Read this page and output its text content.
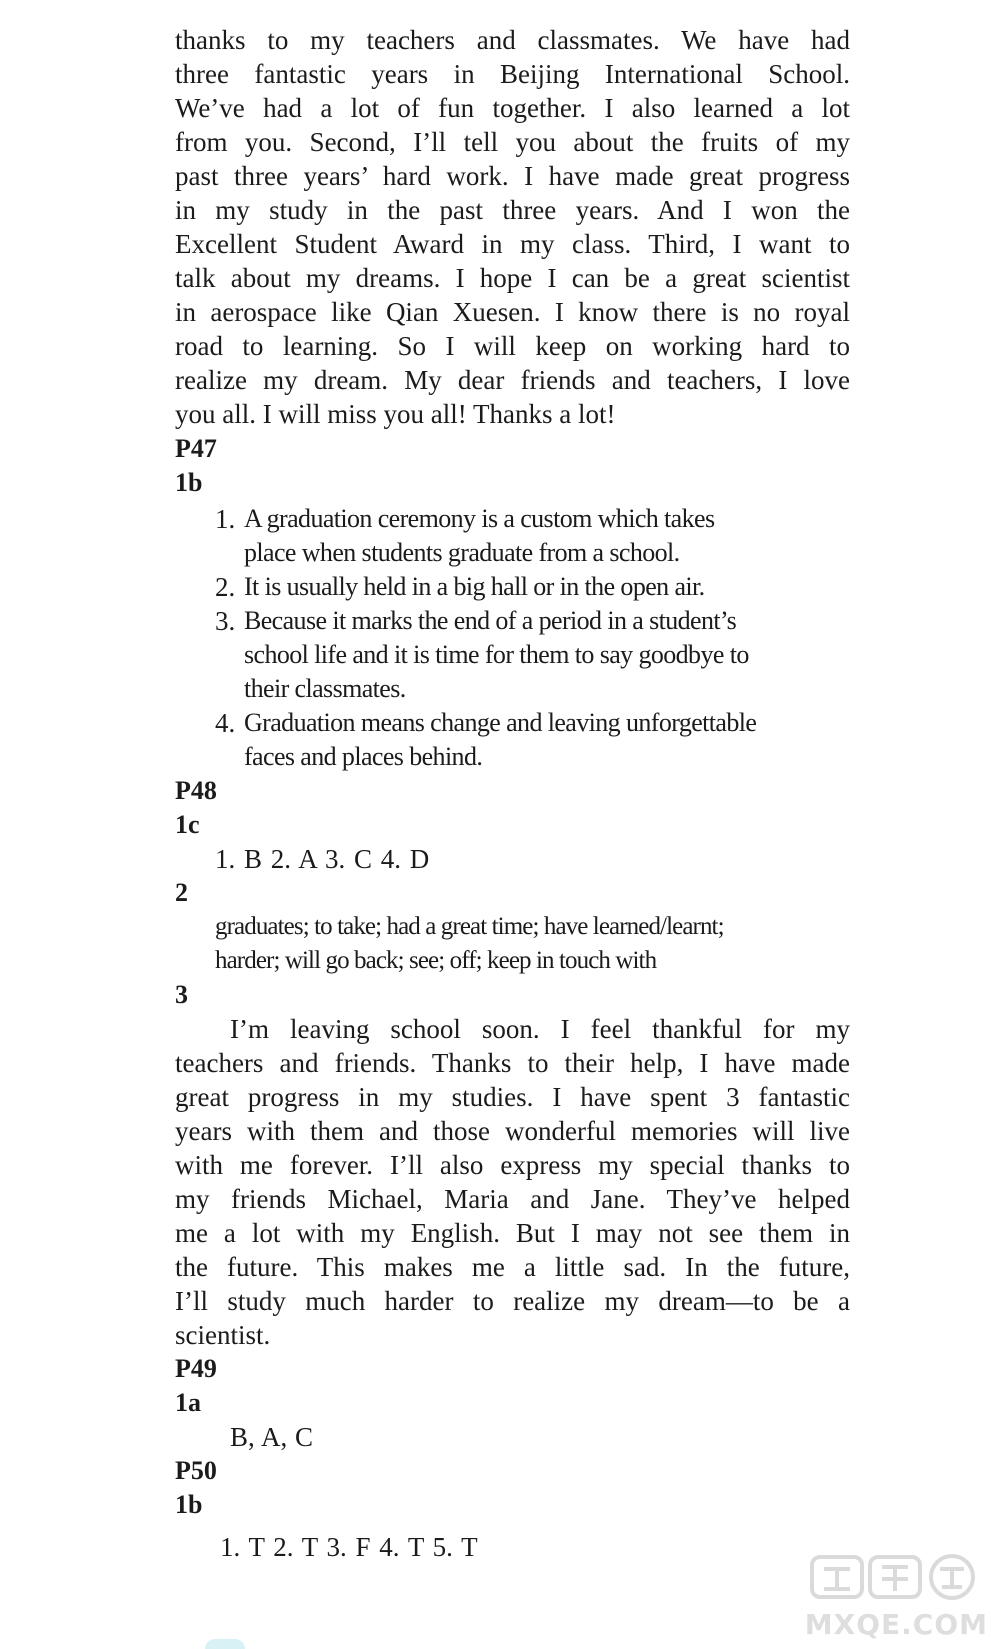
thanks to my teachers and classmates. We have had
three fantastic years in Beijing International School.
We’ve had a lot of fun together. I also learned a lot
from you. Second, I’ll tell you about the fruits of my
past three years’ hard work. I have made great progress
in my study in the past three years. And I won the
Excellent Student Award in my class. Third, I want to
talk about my dreams. I hope I can be a great scientist
in aerospace like Qian Xuesen. I know there is no royal
road to learning. So I will keep on working hard to
realize my dream. My dear friends and teachers, I love
you all. I will miss you all! Thanks a lot!
P47
1b
1. A graduation ceremony is a custom which takes
place when students graduate from a school.
2. It is usually held in a big hall or in the open air.
3. Because it marks the end of a period in a student’s
school life and it is time for them to say goodbye to
their classmates.
4. Graduation means change and leaving unforgettable
faces and places behind.
P48
1c
1. B 2. A 3. C 4. D
2
graduates; to take; had a great time; have learned/learnt;
harder; will go back; see; off; keep in touch with
3
I’m leaving school soon. I feel thankful for my
teachers and friends. Thanks to their help, I have made
great progress in my studies. I have spent 3 fantastic
years with them and those wonderful memories will live
with me forever. I’ll also express my special thanks to
my friends Michael, Maria and Jane. They’ve helped
me a lot with my English. But I may not see them in
the future. This makes me a little sad. In the future,
I’ll study much harder to realize my dream—to be a
scientist.
P49
1a
B, A, C
P50
1b
1. T 2. T 3. F 4. T 5. T
MXQE.COM
